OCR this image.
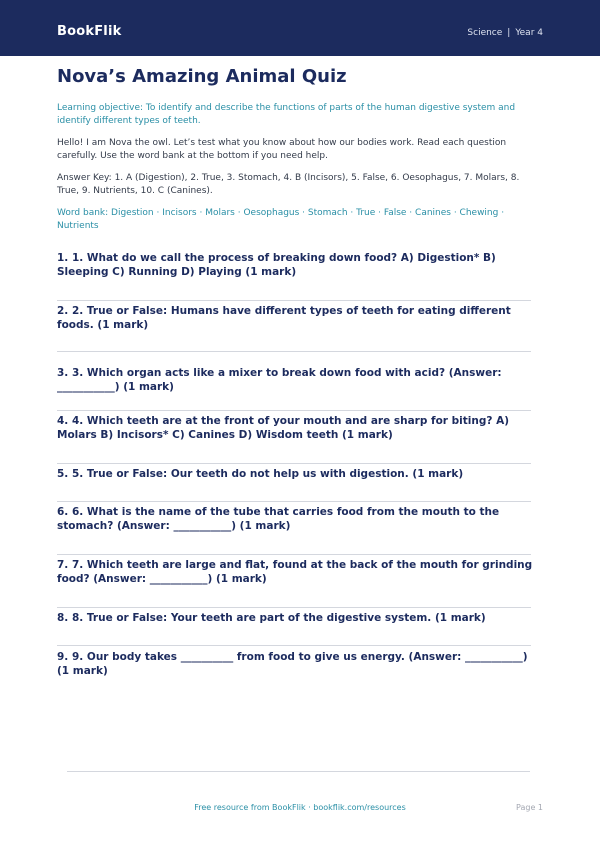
BookFlik	Science | Year 4
Nova’s Amazing Animal Quiz
Learning objective: To identify and describe the functions of parts of the human digestive system and identify different types of teeth.
Hello! I am Nova the owl. Let’s test what you know about how our bodies work. Read each question carefully. Use the word bank at the bottom if you need help.
Answer Key: 1. A (Digestion), 2. True, 3. Stomach, 4. B (Incisors), 5. False, 6. Oesophagus, 7. Molars, 8. True, 9. Nutrients, 10. C (Canines).
Word bank: Digestion · Incisors · Molars · Oesophagus · Stomach · True · False · Canines · Chewing · Nutrients
1. 1. What do we call the process of breaking down food? A) Digestion* B) Sleeping C) Running D) Playing (1 mark)
2. 2. True or False: Humans have different types of teeth for eating different foods. (1 mark)
3. 3. Which organ acts like a mixer to break down food with acid? (Answer: ___________) (1 mark)
4. 4. Which teeth are at the front of your mouth and are sharp for biting? A) Molars B) Incisors* C) Canines D) Wisdom teeth (1 mark)
5. 5. True or False: Our teeth do not help us with digestion. (1 mark)
6. 6. What is the name of the tube that carries food from the mouth to the stomach? (Answer: ___________) (1 mark)
7. 7. Which teeth are large and flat, found at the back of the mouth for grinding food? (Answer: ___________) (1 mark)
8. 8. True or False: Your teeth are part of the digestive system. (1 mark)
9. 9. Our body takes __________ from food to give us energy. (Answer: ___________) (1 mark)
Free resource from BookFlik · bookflik.com/resources	Page 1
